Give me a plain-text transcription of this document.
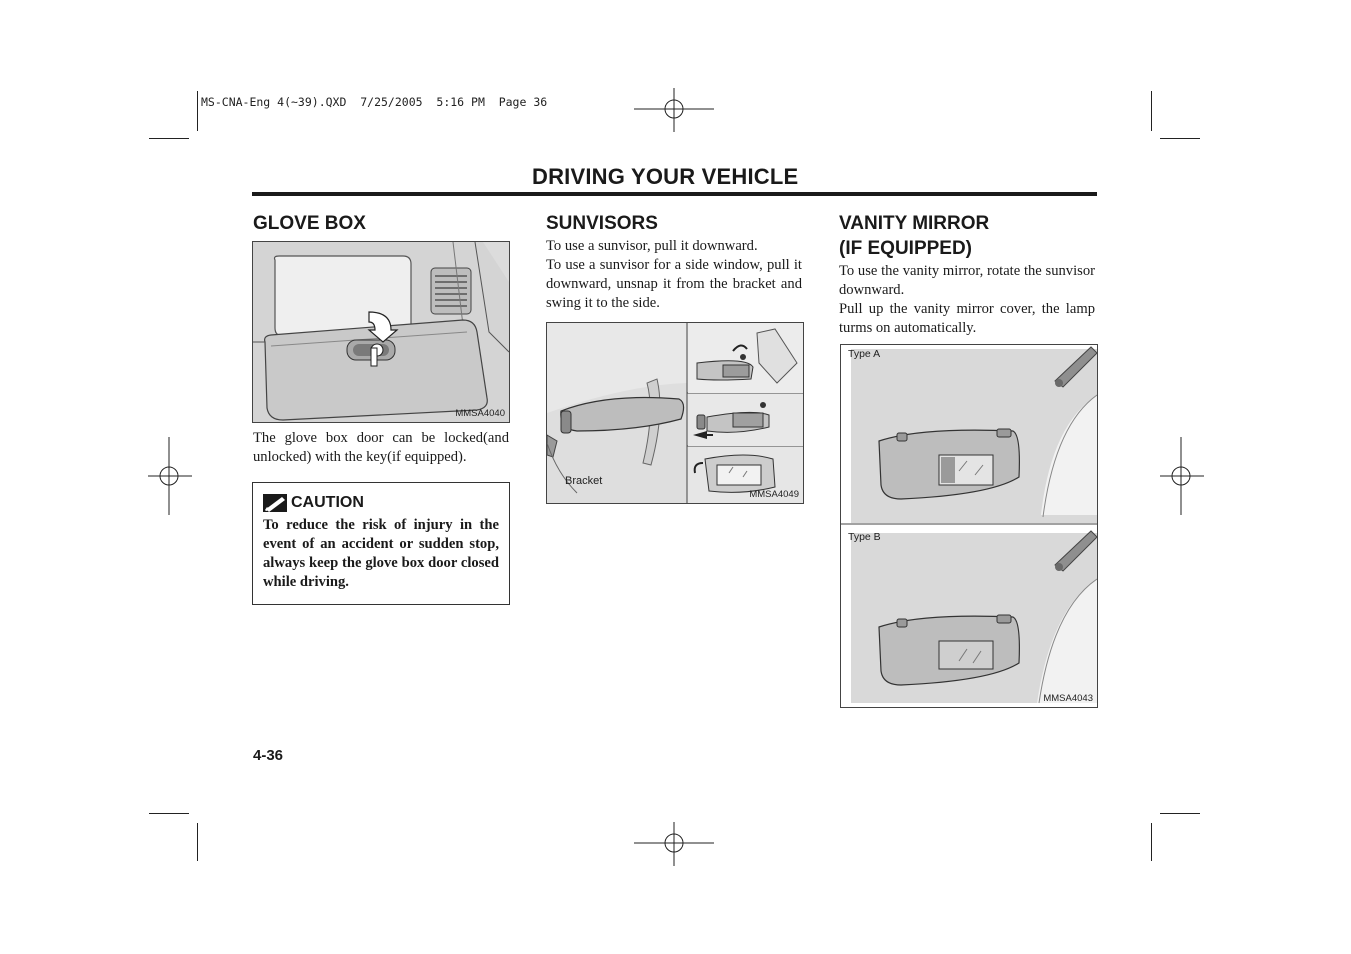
MS-CNA-Eng 4(~39).QXD  7/25/2005  5:16 PM  Page 36
DRIVING YOUR VEHICLE
GLOVE BOX
MMSA4040
The glove box door can be locked(and unlocked) with the key(if equipped).
CAUTION
To reduce the risk of injury in the event of an accident or sudden stop, always keep the glove box door closed while driving.
SUNVISORS
To use a sunvisor, pull it downward.
To use a sunvisor for a side window, pull it downward, unsnap it from the bracket and swing it to the side.
Bracket
MMSA4049
VANITY MIRROR
(IF EQUIPPED)
To use the vanity mirror, rotate the sunvisor downward.
Pull up the vanity mirror cover, the lamp turms on automatically.
Type A
Type B
MMSA4043
4-36
